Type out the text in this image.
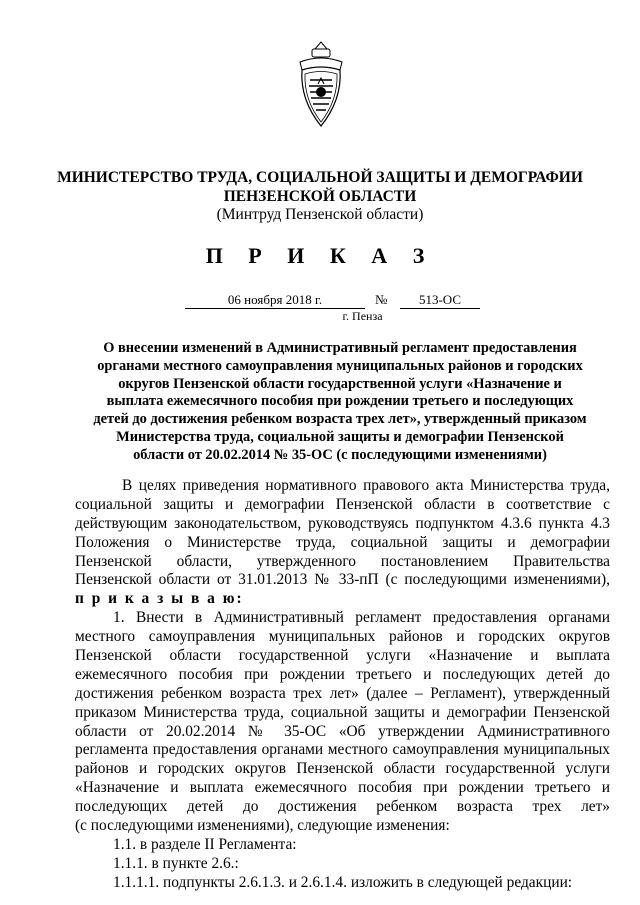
МИНИСТЕРСТВО ТРУДА, СОЦИАЛЬНОЙ ЗАЩИТЫ И ДЕМОГРАФИИ
ПЕНЗЕНСКОЙ ОБЛАСТИ
(Минтруд Пензенской области)
П Р И К А З
06 ноября 2018 г.	№	513-ОС
г. Пенза
О внесении изменений в Административный регламент предоставления
органами местного самоуправления муниципальных районов и городских
округов Пензенской области государственной услуги «Назначение и
выплата ежемесячного пособия при рождении третьего и последующих
детей до достижения ребенком возраста трех лет», утвержденный приказом
Министерства труда, социальной защиты и демографии Пензенской
области от 20.02.2014 № 35-ОС (с последующими изменениями)
В целях приведения нормативного правового акта Министерства труда,
социальной защиты и демографии Пензенской области в соответствие с
действующим законодательством, руководствуясь подпунктом 4.3.6 пункта 4.3
Положения о Министерстве труда, социальной защиты и демографии
Пензенской области, утвержденного постановлением Правительства
Пензенской области от 31.01.2013 № 33-пП (с последующими изменениями),
п р и к а з ы в а ю:
1. Внести в Административный регламент предоставления органами
местного самоуправления муниципальных районов и городских округов
Пензенской области государственной услуги «Назначение и выплата
ежемесячного пособия при рождении третьего и последующих детей до
достижения ребенком возраста трех лет» (далее – Регламент), утвержденный
приказом Министерства труда, социальной защиты и демографии Пензенской
области от 20.02.2014 № 35-ОС «Об утверждении Административного
регламента предоставления органами местного самоуправления муниципальных
районов и городских округов Пензенской области государственной услуги
«Назначение и выплата ежемесячного пособия при рождении третьего и
последующих детей до достижения ребенком возраста трех лет»
(с последующими изменениями), следующие изменения:
1.1. в разделе II Регламента:
1.1.1. в пункте 2.6.:
1.1.1.1. подпункты 2.6.1.3. и 2.6.1.4. изложить в следующей редакции:
